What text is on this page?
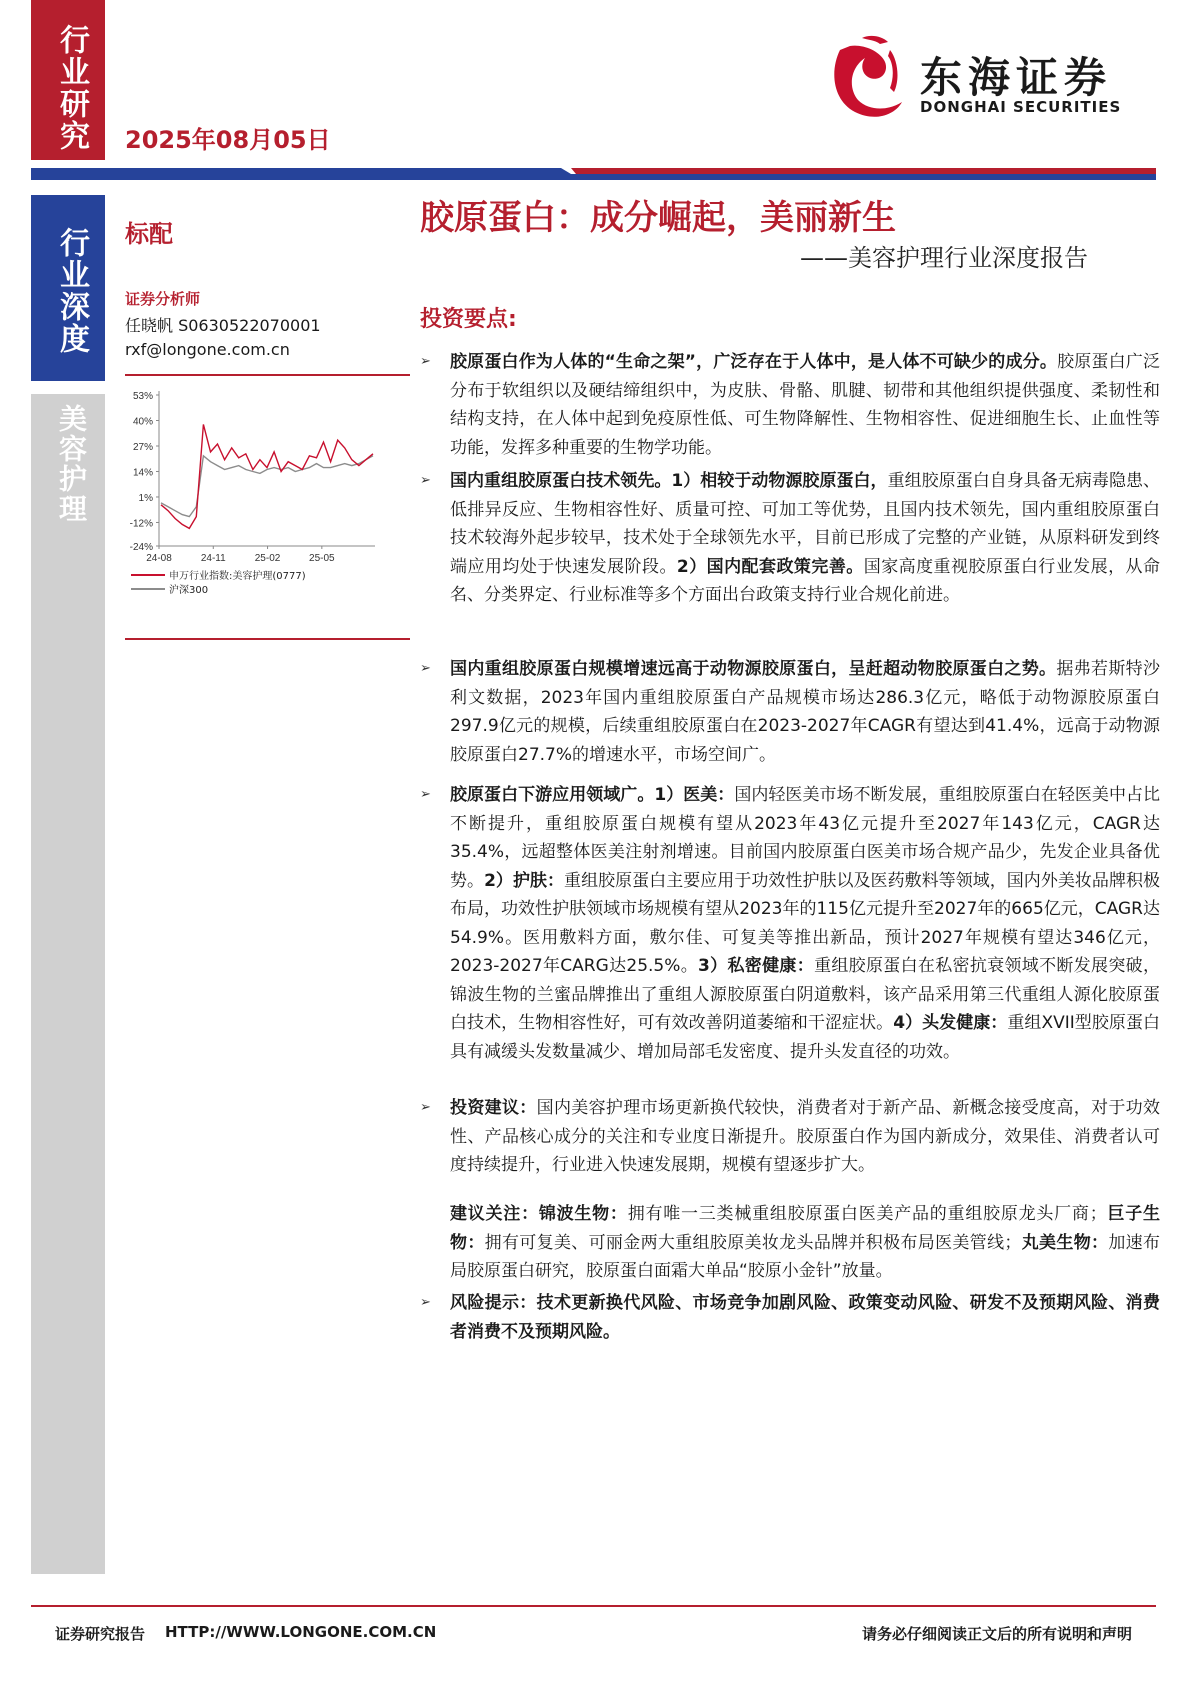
行业研究
行业深度
美容护理
2025年08月05日
东海证券
DONGHAI SECURITIES
标配
证券分析师
任晓帆 S0630522070001
rxf@longone.com.cn
53%
40%
27%
14%
1%
-12%
-24%
24-08	24-11	25-02	25-05
申万行业指数:美容护理(0777)
沪深300
胶原蛋白：成分崛起，美丽新生
——美容护理行业深度报告
投资要点:
➢ 胶原蛋白作为人体的“生命之架”，广泛存在于人体中，是人体不可缺少的成分。胶原蛋白广泛分布于软组织以及硬结缔组织中，为皮肤、骨骼、肌腱、韧带和其他组织提供强度、柔韧性和结构支持，在人体中起到免疫原性低、可生物降解性、生物相容性、促进细胞生长、止血性等功能，发挥多种重要的生物学功能。
➢ 国内重组胶原蛋白技术领先。1）相较于动物源胶原蛋白，重组胶原蛋白自身具备无病毒隐患、低排异反应、生物相容性好、质量可控、可加工等优势，且国内技术领先，国内重组胶原蛋白技术较海外起步较早，技术处于全球领先水平，目前已形成了完整的产业链，从原料研发到终端应用均处于快速发展阶段。2）国内配套政策完善。国家高度重视胶原蛋白行业发展，从命名、分类界定、行业标准等多个方面出台政策支持行业合规化前进。
➢ 国内重组胶原蛋白规模增速远高于动物源胶原蛋白，呈赶超动物胶原蛋白之势。据弗若斯特沙利文数据，2023年国内重组胶原蛋白产品规模市场达286.3亿元，略低于动物源胶原蛋白297.9亿元的规模，后续重组胶原蛋白在2023-2027年CAGR有望达到41.4%，远高于动物源胶原蛋白27.7%的增速水平，市场空间广。
➢ 胶原蛋白下游应用领域广。1）医美：国内轻医美市场不断发展，重组胶原蛋白在轻医美中占比不断提升，重组胶原蛋白规模有望从2023年43亿元提升至2027年143亿元，CAGR达35.4%，远超整体医美注射剂增速。目前国内胶原蛋白医美市场合规产品少，先发企业具备优势。2）护肤：重组胶原蛋白主要应用于功效性护肤以及医药敷料等领域，国内外美妆品牌积极布局，功效性护肤领域市场规模有望从2023年的115亿元提升至2027年的665亿元，CAGR达54.9%。医用敷料方面，敷尔佳、可复美等推出新品，预计2027年规模有望达346亿元，2023-2027年CARG达25.5%。3）私密健康：重组胶原蛋白在私密抗衰领域不断发展突破，锦波生物的兰蜜品牌推出了重组人源胶原蛋白阴道敷料，该产品采用第三代重组人源化胶原蛋白技术，生物相容性好，可有效改善阴道萎缩和干涩症状。4）头发健康：重组XVII型胶原蛋白具有减缓头发数量减少、增加局部毛发密度、提升头发直径的功效。
➢ 投资建议：国内美容护理市场更新换代较快，消费者对于新产品、新概念接受度高，对于功效性、产品核心成分的关注和专业度日渐提升。胶原蛋白作为国内新成分，效果佳、消费者认可度持续提升，行业进入快速发展期，规模有望逐步扩大。
建议关注：锦波生物：拥有唯一三类械重组胶原蛋白医美产品的重组胶原龙头厂商；巨子生物：拥有可复美、可丽金两大重组胶原美妆龙头品牌并积极布局医美管线；丸美生物：加速布局胶原蛋白研究，胶原蛋白面霜大单品“胶原小金针”放量。
➢ 风险提示：技术更新换代风险、市场竞争加剧风险、政策变动风险、研发不及预期风险、消费者消费不及预期风险。
证券研究报告 HTTP://WWW.LONGONE.COM.CN	请务必仔细阅读正文后的所有说明和声明
